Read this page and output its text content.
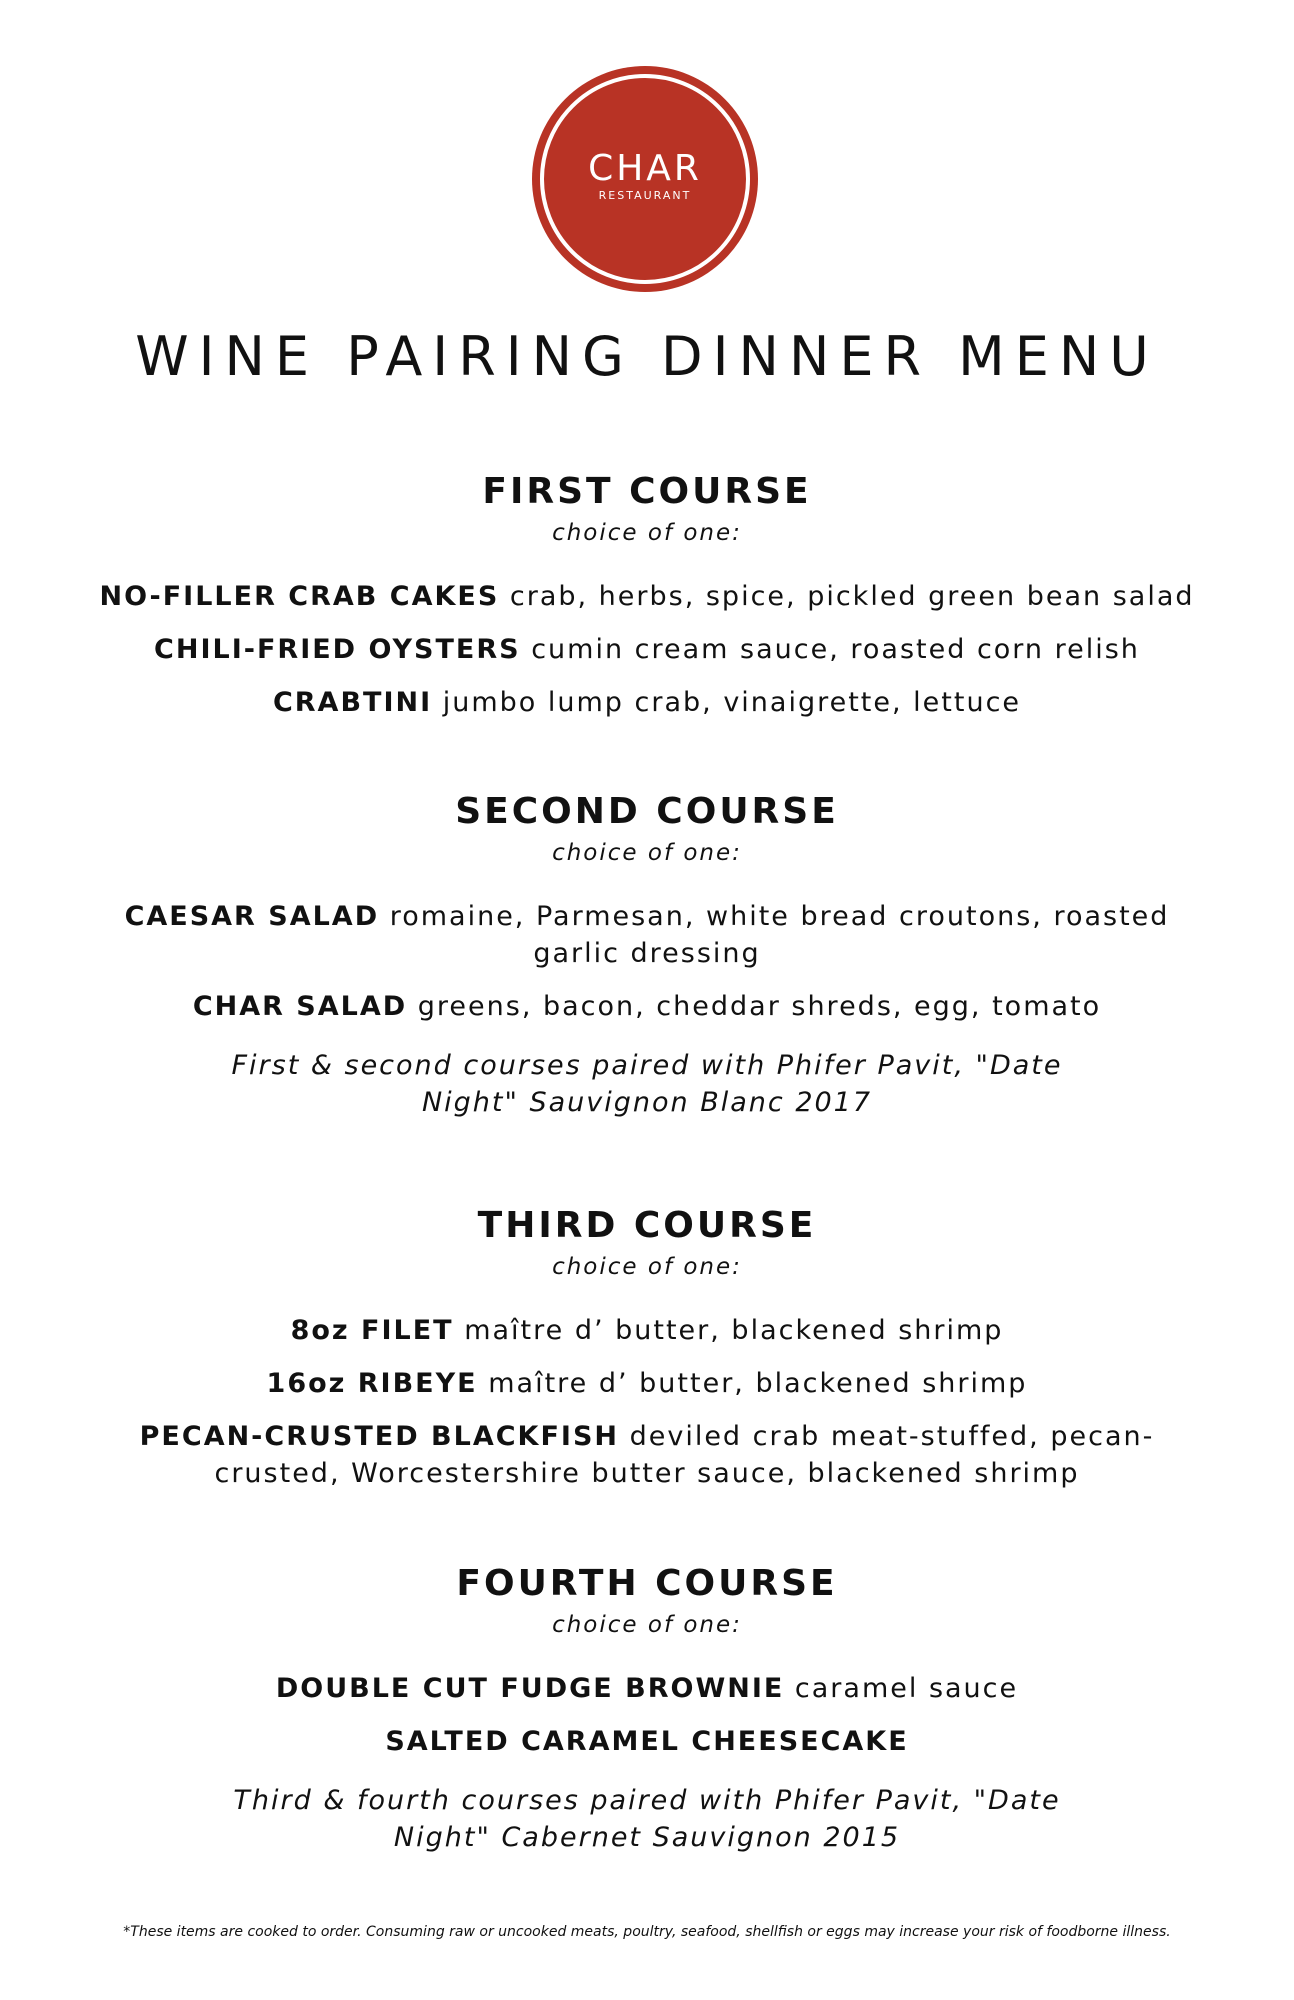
CHAR
RESTAURANT
WINE PAIRING DINNER MENU
FIRST COURSE

choice of one:

NO-FILLER CRAB CAKES crab, herbs, spice, pickled green bean salad

CHILI-FRIED OYSTERS cumin cream sauce, roasted corn relish

CRABTINI jumbo lump crab, vinaigrette, lettuce

SECOND COURSE

choice of one:

CAESAR SALAD romaine, Parmesan, white bread croutons, roasted garlic dressing

CHAR SALAD greens, bacon, cheddar shreds, egg, tomato

First & second courses paired with Phifer Pavit, "Date Night" Sauvignon Blanc 2017
THIRD COURSE

choice of one:

8oz FILET maître d’ butter, blackened shrimp

16oz RIBEYE maître d’ butter, blackened shrimp

PECAN-CRUSTED BLACKFISH deviled crab meat-stuffed, pecan-crusted, Worcestershire butter sauce, blackened shrimp

FOURTH COURSE

choice of one:

DOUBLE CUT FUDGE BROWNIE caramel sauce

SALTED CARAMEL CHEESECAKE

Third & fourth courses paired with Phifer Pavit, "Date Night" Cabernet Sauvignon 2015
*These items are cooked to order. Consuming raw or uncooked meats, poultry, seafood, shellfish or eggs may increase your risk of foodborne illness.
